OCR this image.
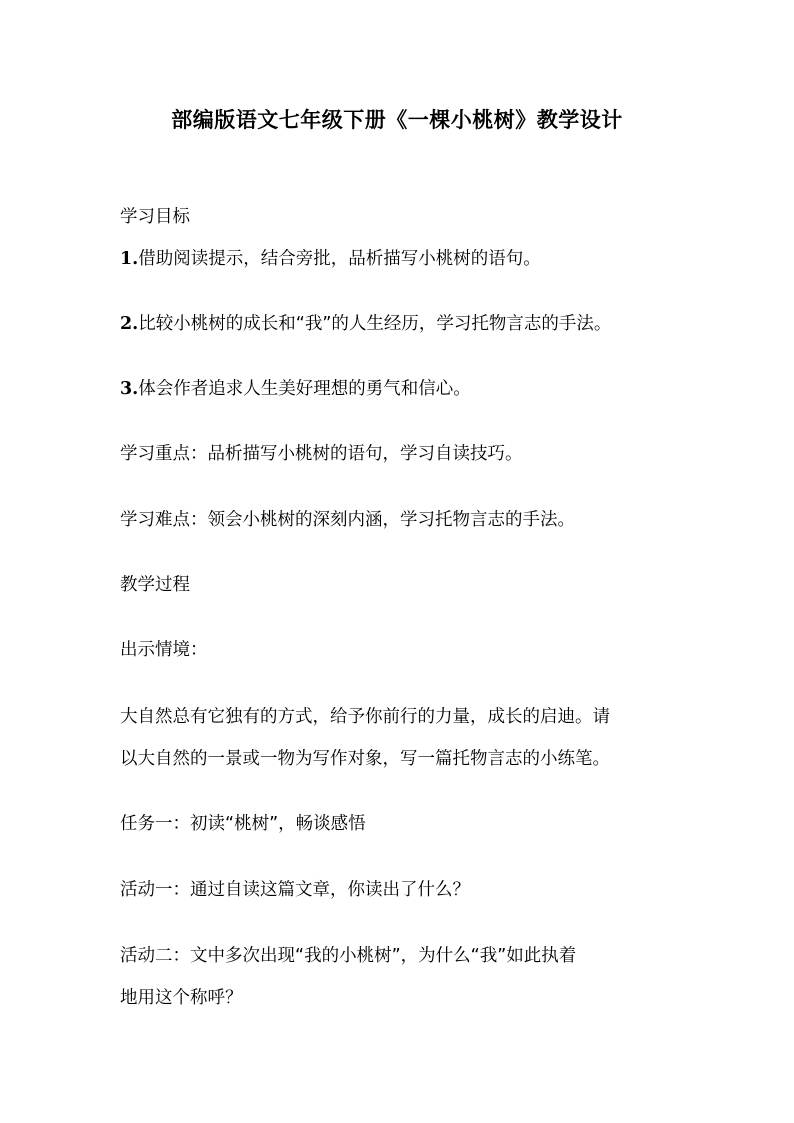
部编版语文七年级下册《一棵小桃树》教学设计
学习目标
1.借助阅读提示，结合旁批，品析描写小桃树的语句。
2.比较小桃树的成长和“我”的人生经历，学习托物言志的手法。
3.体会作者追求人生美好理想的勇气和信心。
学习重点：品析描写小桃树的语句，学习自读技巧。
学习难点：领会小桃树的深刻内涵，学习托物言志的手法。
教学过程
出示情境：
大自然总有它独有的方式，给予你前行的力量，成长的启迪。请
以大自然的一景或一物为写作对象，写一篇托物言志的小练笔。
任务一：初读“桃树”，畅谈感悟
活动一：通过自读这篇文章，你读出了什么？
活动二：文中多次出现“我的小桃树”，为什么“我”如此执着
地用这个称呼？
